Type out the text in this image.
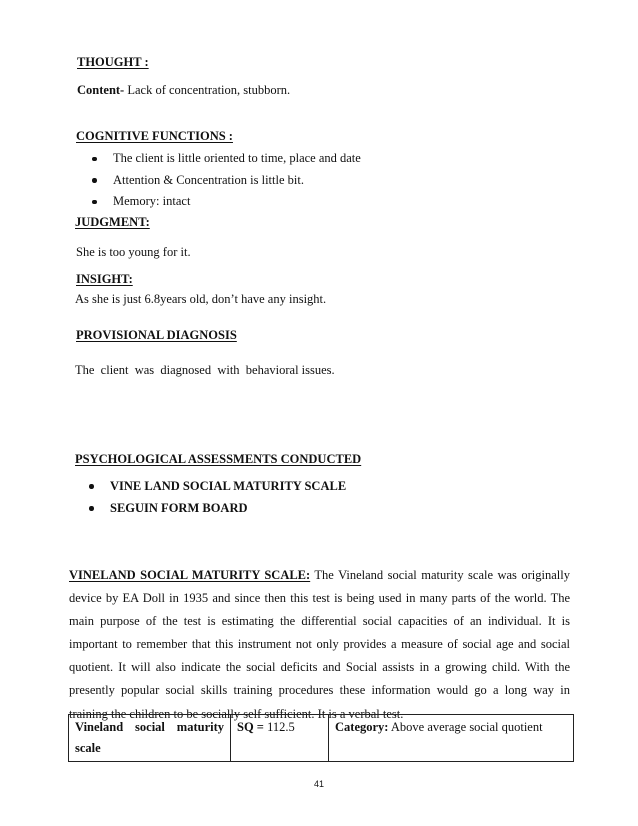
THOUGHT :
Content- Lack of concentration, stubborn.
COGNITIVE FUNCTIONS :
The client is little oriented to time, place and date
Attention & Concentration is little bit.
Memory: intact
JUDGMENT:
She is too young for it.
INSIGHT:
As she is just 6.8years old, don’t have any insight.
PROVISIONAL DIAGNOSIS
The  client  was  diagnosed  with  behavioral issues.
PSYCHOLOGICAL ASSESSMENTS CONDUCTED
VINE LAND SOCIAL MATURITY SCALE
SEGUIN FORM BOARD

VINELAND SOCIAL MATURITY SCALE: The Vineland social maturity scale was originally device by EA Doll in 1935 and since then this test is being used in many parts of the world. The main purpose of the test is estimating the differential social capacities of an individual. It is important to remember that this instrument not only provides a measure of social age and social quotient. It will also indicate the social deficits and Social assists in a growing child. With the presently popular social skills training procedures these information would go a long way in training the children to be socially self sufficient. It is a verbal test.

Vineland social maturity scale	SQ = 112.5	Category: Above average social quotient
41
